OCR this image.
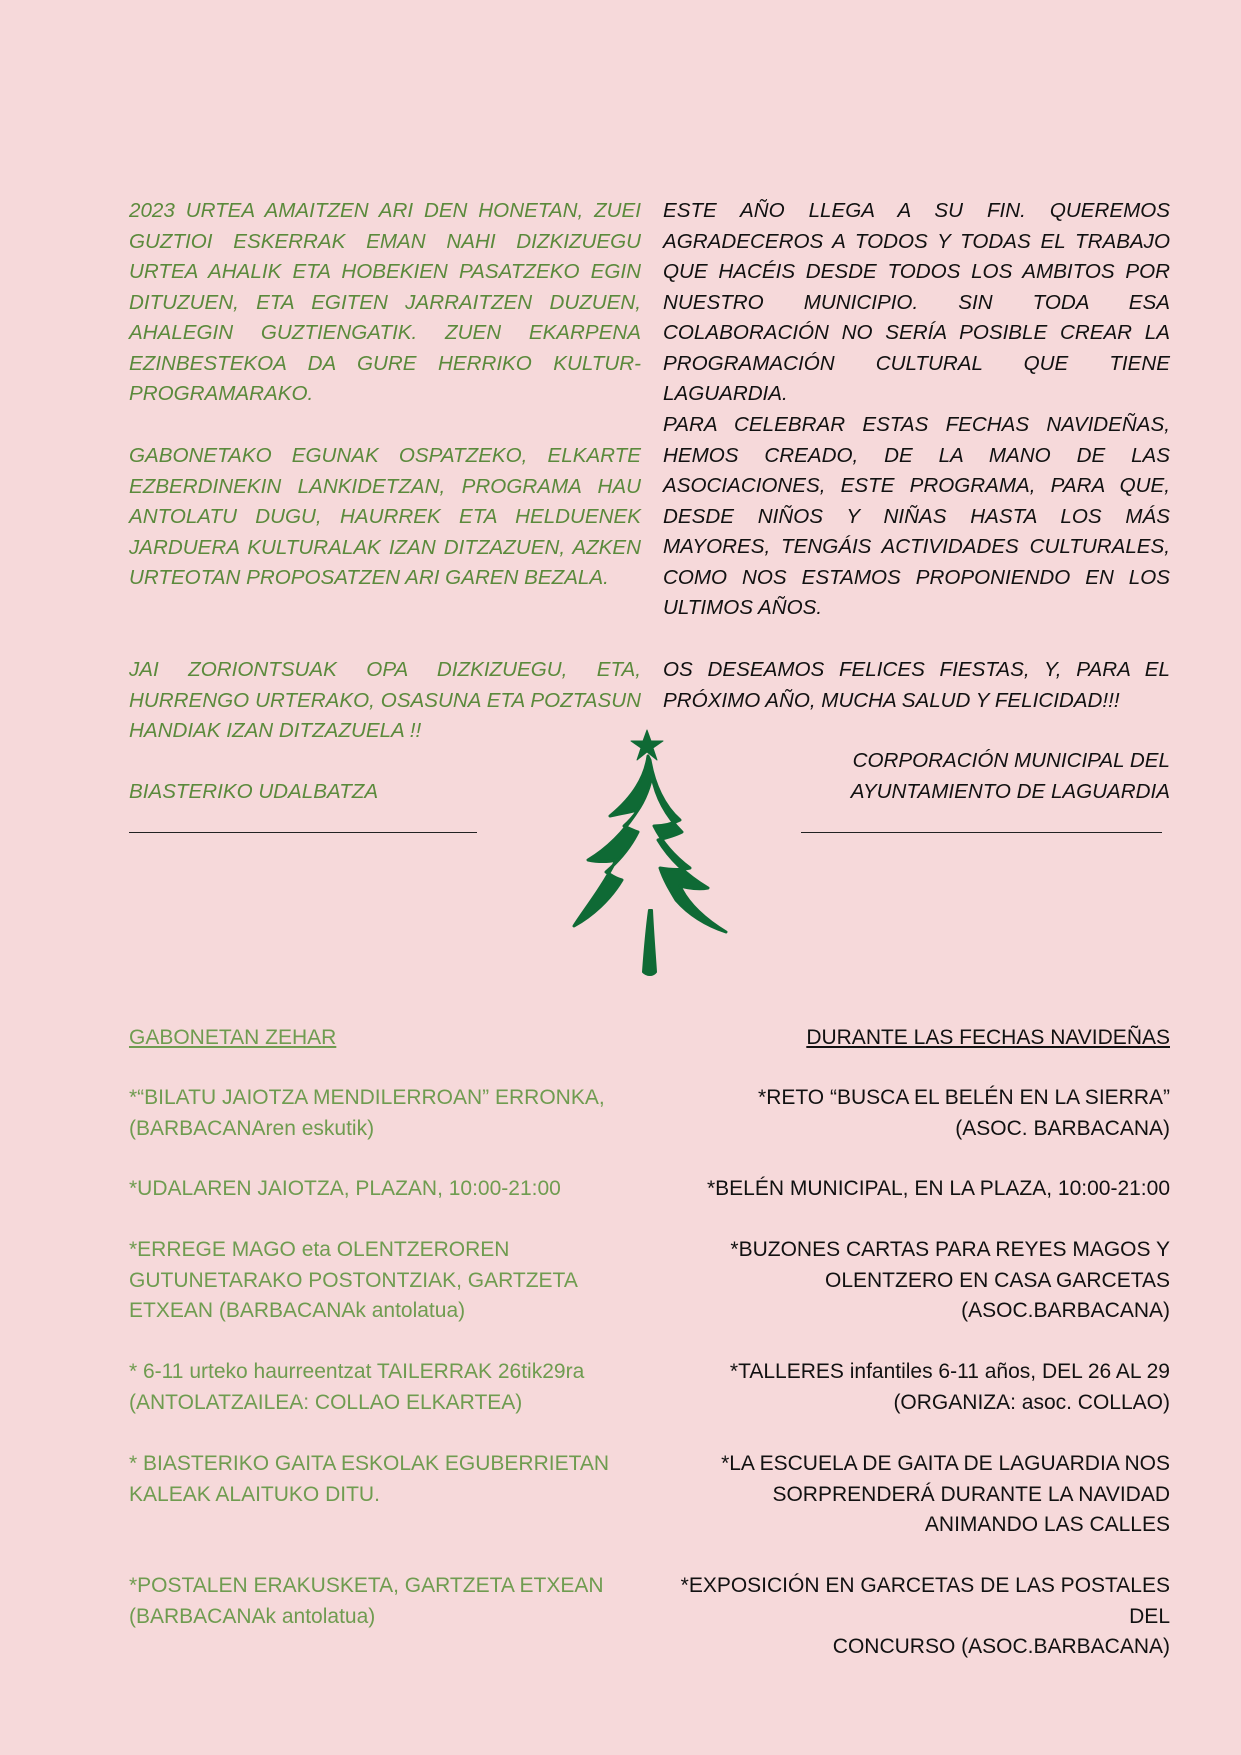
2023 URTEA AMAITZEN ARI DEN HONETAN, ZUEI GUZTIOI ESKERRAK EMAN NAHI DIZKIZUEGU URTEA AHALIK ETA HOBEKIEN PASATZEKO EGIN DITUZUEN, ETA EGITEN JARRAITZEN DUZUEN, AHALEGIN GUZTIENGATIK. ZUEN EKARPENA EZINBESTEKOA DA GURE HERRIKO KULTUR-PROGRAMARAKO.

GABONETAKO EGUNAK OSPATZEKO, ELKARTE EZBERDINEKIN LANKIDETZAN, PROGRAMA HAU ANTOLATU DUGU, HAURREK ETA HELDUENEK JARDUERA KULTURALAK IZAN DITZAZUEN, AZKEN URTEOTAN PROPOSATZEN ARI GAREN BEZALA.

JAI ZORIONTSUAK OPA DIZKIZUEGU, ETA, HURRENGO URTERAKO, OSASUNA ETA POZTASUN HANDIAK IZAN DITZAZUELA !!

BIASTERIKO UDALBATZA

ESTE AÑO LLEGA A SU FIN. QUEREMOS AGRADECEROS A TODOS Y TODAS EL TRABAJO QUE HACÉIS DESDE TODOS LOS AMBITOS POR NUESTRO MUNICIPIO. SIN TODA ESA COLABORACIÓN NO SERÍA POSIBLE CREAR LA PROGRAMACIÓN CULTURAL QUE TIENE LAGUARDIA.

PARA CELEBRAR ESTAS FECHAS NAVIDEÑAS, HEMOS CREADO, DE LA MANO DE LAS ASOCIACIONES, ESTE PROGRAMA, PARA QUE, DESDE NIÑOS Y NIÑAS HASTA LOS MÁS MAYORES, TENGÁIS ACTIVIDADES CULTURALES, COMO NOS ESTAMOS PROPONIENDO EN LOS ULTIMOS AÑOS.

OS DESEAMOS FELICES FIESTAS, Y, PARA EL PRÓXIMO AÑO, MUCHA SALUD Y FELICIDAD!!!

CORPORACIÓN MUNICIPAL DEL
AYUNTAMIENTO DE LAGUARDIA
GABONETAN ZEHAR	DURANTE LAS FECHAS NAVIDEÑAS
*“BILATU JAIOTZA MENDILERROAN” ERRONKA,
(BARBACANAren eskutik)
*UDALAREN JAIOTZA, PLAZAN, 10:00-21:00
*ERREGE MAGO eta OLENTZEROREN
GUTUNETARAKO POSTONTZIAK, GARTZETA
ETXEAN (BARBACANAk antolatua)
* 6-11 urteko haurreentzat TAILERRAK 26tik29ra
(ANTOLATZAILEA: COLLAO ELKARTEA)
* BIASTERIKO GAITA ESKOLAK EGUBERRIETAN
KALEAK ALAITUKO DITU.
*POSTALEN ERAKUSKETA, GARTZETA ETXEAN
(BARBACANAk antolatua)
*RETO “BUSCA EL BELÉN EN LA SIERRA”
(ASOC. BARBACANA)
*BELÉN MUNICIPAL, EN LA PLAZA, 10:00-21:00
*BUZONES CARTAS PARA REYES MAGOS Y
OLENTZERO EN CASA GARCETAS
(ASOC.BARBACANA)
*TALLERES infantiles 6-11 años, DEL 26 AL 29
(ORGANIZA: asoc. COLLAO)
*LA ESCUELA DE GAITA DE LAGUARDIA NOS
SORPRENDERÁ DURANTE LA NAVIDAD
ANIMANDO LAS CALLES
*EXPOSICIÓN EN GARCETAS DE LAS POSTALES DEL
CONCURSO (ASOC.BARBACANA)
